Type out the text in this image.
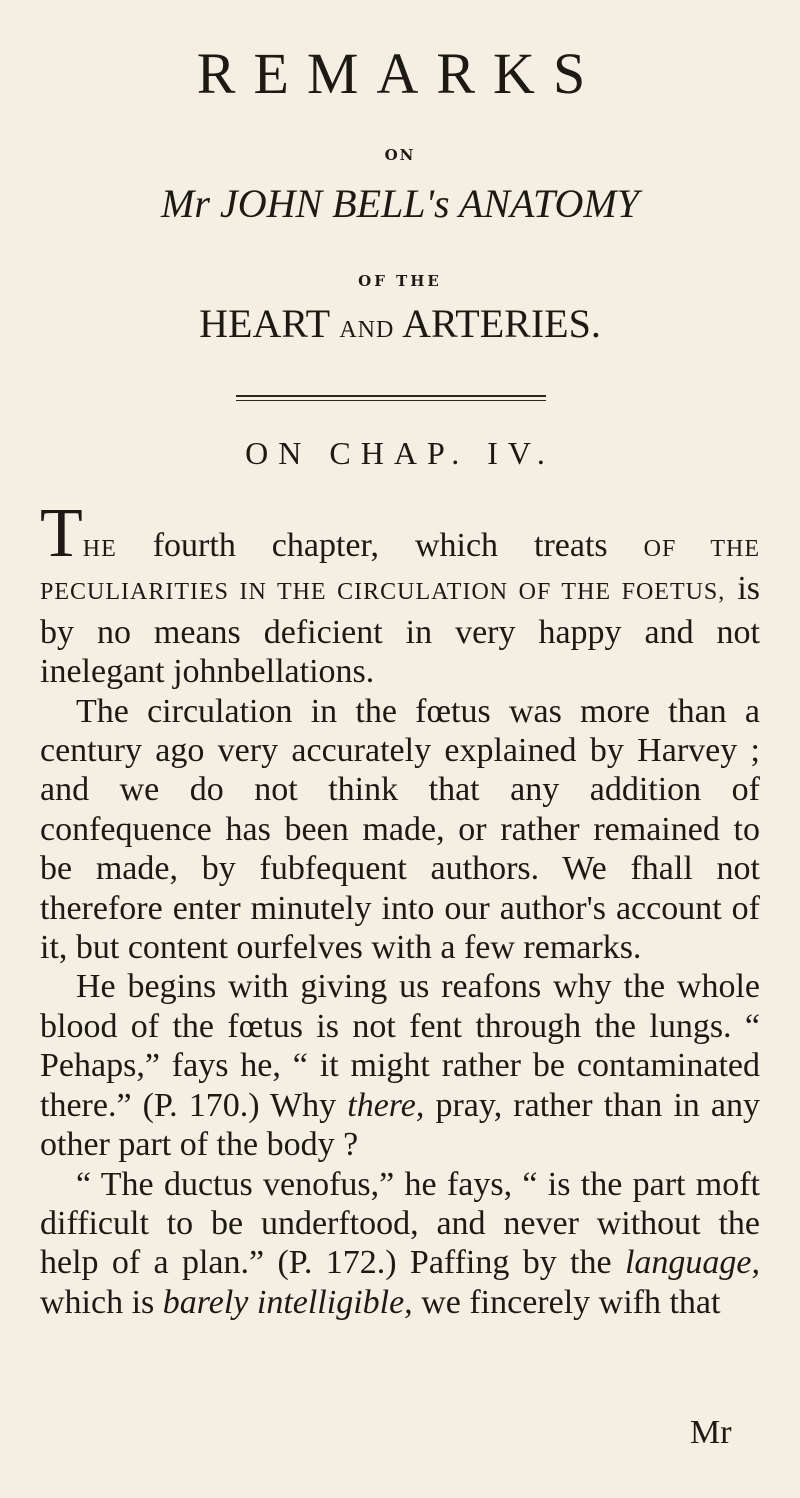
REMARKS
ON
Mr JOHN BELL's ANATOMY
OF THE
HEART AND ARTERIES.
ON CHAP. IV.

THE fourth chapter, which treats OF THE PECULIARITIES IN THE CIRCULATION OF THE FOETUS, is by no means deficient in very happy and not inelegant johnbellations.

The circulation in the fœtus was more than a century ago very accurately explained by Harvey ; and we do not think that any addition of confequence has been made, or rather remained to be made, by fubfequent authors. We fhall not therefore enter minutely into our author's account of it, but content ourfelves with a few remarks.

He begins with giving us reafons why the whole blood of the fœtus is not fent through the lungs. “ Pehaps,” fays he, “ it might rather be contaminated there.” (P. 170.) Why there, pray, rather than in any other part of the body ?

“ The ductus venofus,” he fays, “ is the part moft difficult to be underftood, and never without the help of a plan.” (P. 172.) Paffing by the language, which is barely intelligible, we fincerely wifh that

Mr
